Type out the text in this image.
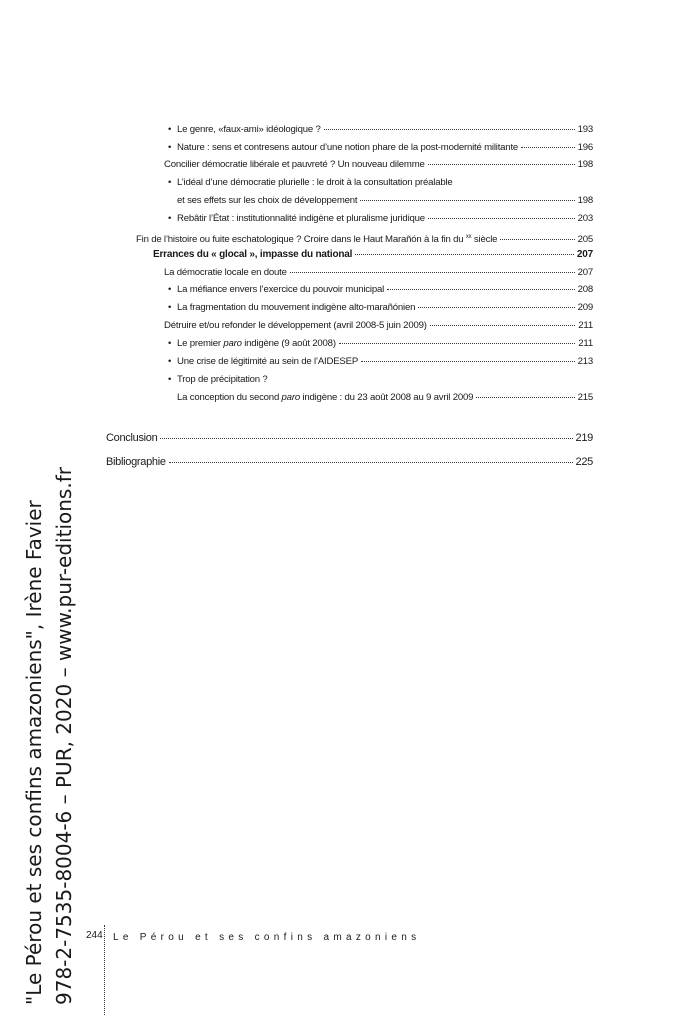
• Le genre, «faux-ami» idéologique ?	193
• Nature : sens et contresens autour d’une notion phare de la post-modernité militante	196
Concilier démocratie libérale et pauvreté ? Un nouveau dilemme	198
• L’idéal d’une démocratie plurielle : le droit à la consultation préalable
et ses effets sur les choix de développement	198
• Rebâtir l’État : institutionnalité indigène et pluralisme juridique	203
Fin de l’histoire ou fuite eschatologique ? Croire dans le Haut Marañón à la fin du $^{xx}$ siècle	205
Errances du « glocal », impasse du national	207
La démocratie locale en doute	207
• La méfiance envers l’exercice du pouvoir municipal	208
• La fragmentation du mouvement indigène alto-marañónien	209
Détruire et/ou refonder le développement (avril 2008-5 juin 2009)	211
• Le premier paro indigène (9 août 2008)	211
• Une crise de légitimité au sein de l’AIDESEP	213
• Trop de précipitation ?
La conception du second paro indigène : du 23 août 2008 au 9 avril 2009	215
Conclusion	219
Bibliographie	225
"Le Pérou et ses confins amazoniens", Irène Favier 978-2-7535-8004-6 – PUR, 2020 – www.pur-editions.fr 244 Le Pérou et ses confins amazoniens
